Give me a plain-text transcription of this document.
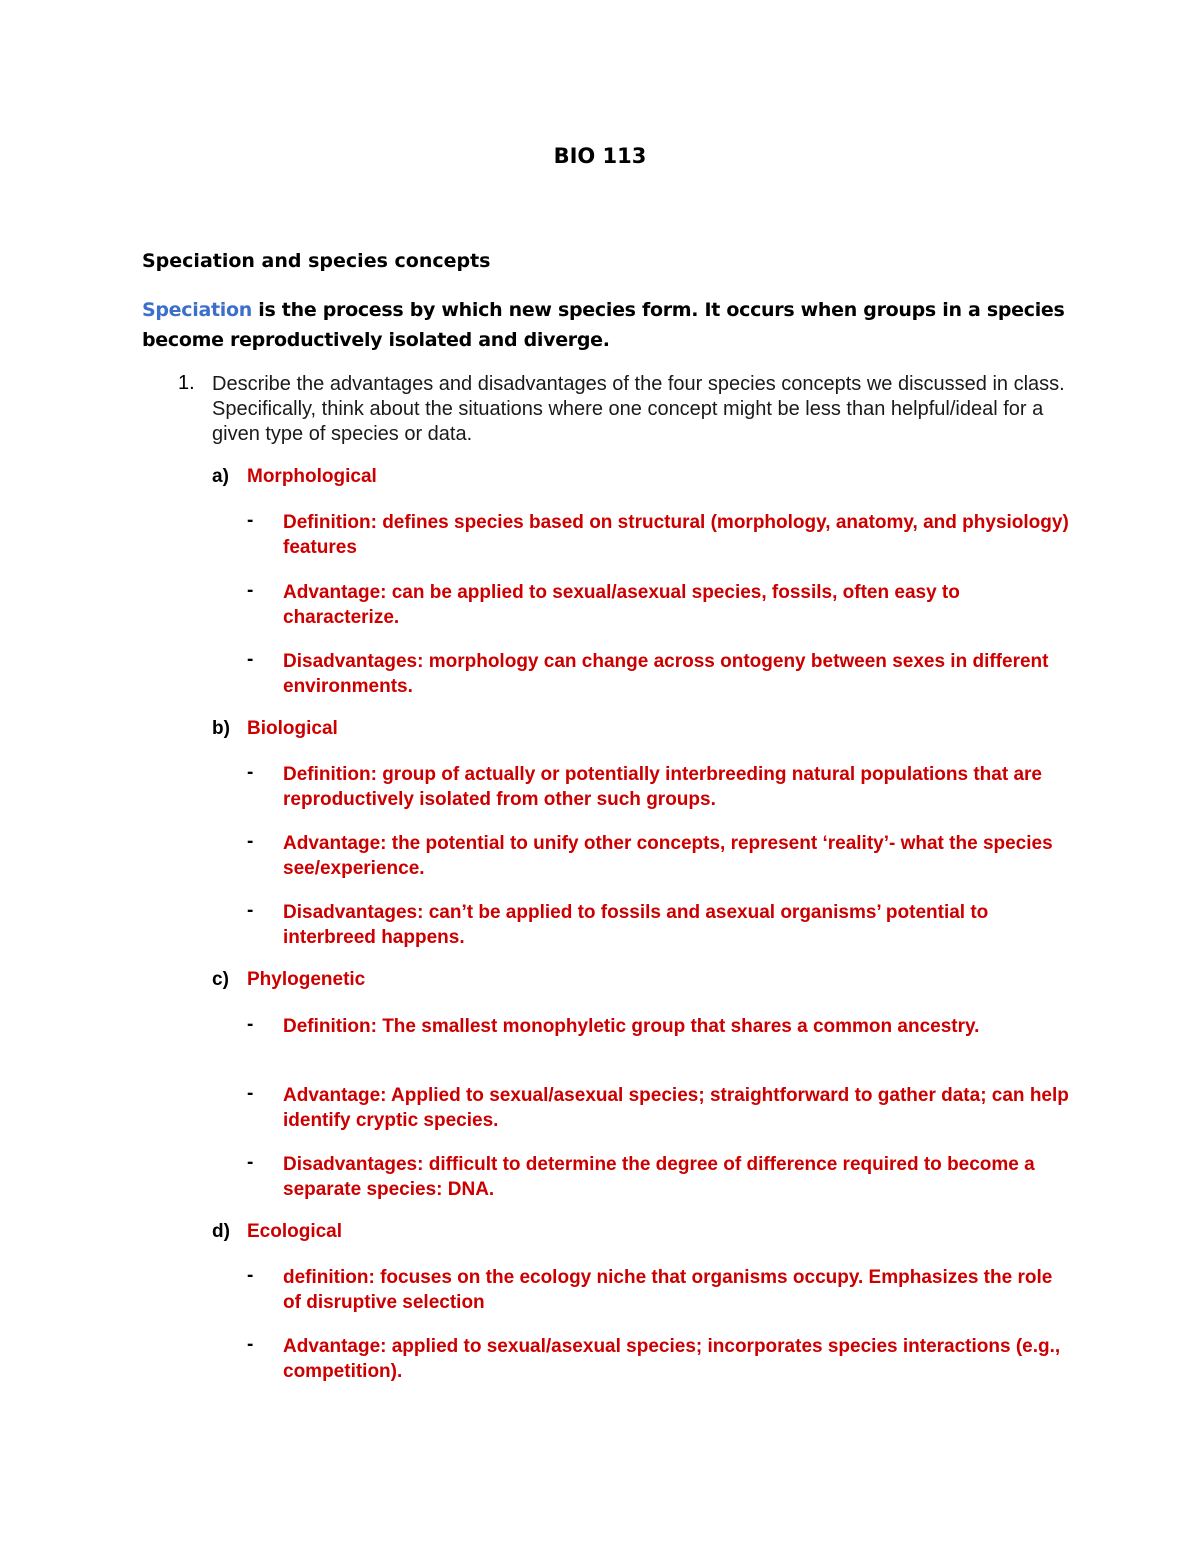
BIO 113
Speciation and species concepts
Speciation is the process by which new species form. It occurs when groups in a species become reproductively isolated and diverge.
1. Describe the advantages and disadvantages of the four species concepts we discussed in class. Specifically, think about the situations where one concept might be less than helpful/ideal for a given type of species or data.
a) Morphological
- Definition: defines species based on structural (morphology, anatomy, and physiology) features
- Advantage: can be applied to sexual/asexual species, fossils, often easy to characterize.
- Disadvantages: morphology can change across ontogeny between sexes in different environments.
b) Biological
- Definition: group of actually or potentially interbreeding natural populations that are reproductively isolated from other such groups.
- Advantage: the potential to unify other concepts, represent ‘reality’- what the species see/experience.
- Disadvantages: can’t be applied to fossils and asexual organisms’ potential to interbreed happens.
c) Phylogenetic
- Definition: The smallest monophyletic group that shares a common ancestry.
- Advantage: Applied to sexual/asexual species; straightforward to gather data; can help identify cryptic species.
- Disadvantages: difficult to determine the degree of difference required to become a separate species: DNA.
d) Ecological
- definition: focuses on the ecology niche that organisms occupy. Emphasizes the role of disruptive selection
- Advantage: applied to sexual/asexual species; incorporates species interactions (e.g., competition).
